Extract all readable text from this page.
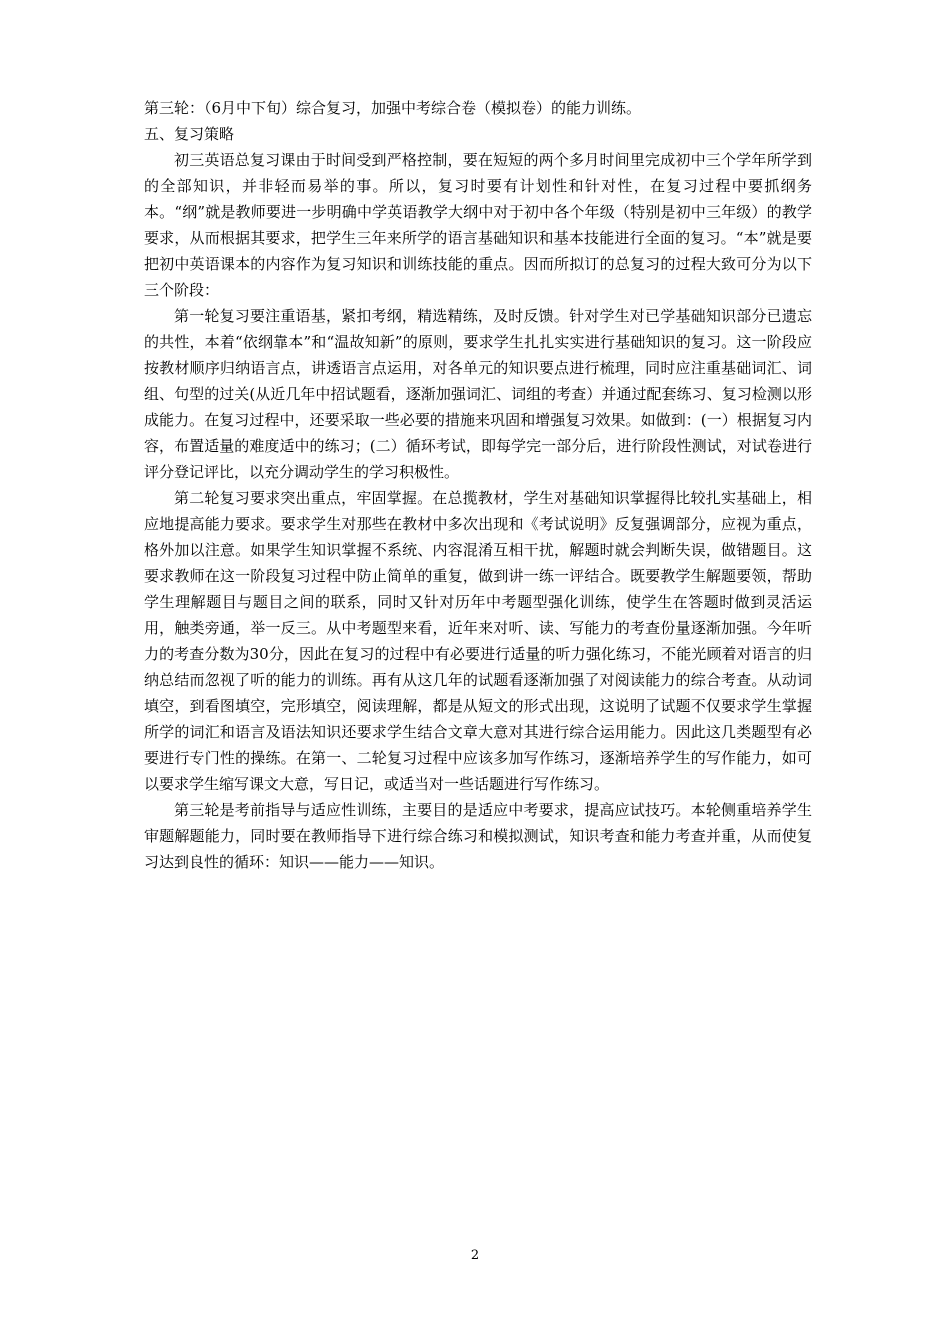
第三轮：（6月中下旬）综合复习，加强中考综合卷（模拟卷）的能力训练。

五、复习策略

初三英语总复习课由于时间受到严格控制，要在短短的两个多月时间里完成初中三个学年所学到的全部知识，并非轻而易举的事。所以，复习时要有计划性和针对性，在复习过程中要抓纲务本。“纲”就是教师要进一步明确中学英语教学大纲中对于初中各个年级（特别是初中三年级）的教学要求，从而根据其要求，把学生三年来所学的语言基础知识和基本技能进行全面的复习。“本”就是要把初中英语课本的内容作为复习知识和训练技能的重点。因而所拟订的总复习的过程大致可分为以下三个阶段：

第一轮复习要注重语基，紧扣考纲，精选精练，及时反馈。针对学生对已学基础知识部分已遗忘的共性，本着“依纲靠本”和“温故知新”的原则，要求学生扎扎实实进行基础知识的复习。这一阶段应按教材顺序归纳语言点，讲透语言点运用，对各单元的知识要点进行梳理，同时应注重基础词汇、词组、句型的过关(从近几年中招试题看，逐渐加强词汇、词组的考查）并通过配套练习、复习检测以形成能力。在复习过程中，还要采取一些必要的措施来巩固和增强复习效果。如做到：(一）根据复习内容，布置适量的难度适中的练习；(二）循环考试，即每学完一部分后，进行阶段性测试，对试卷进行评分登记评比，以充分调动学生的学习积极性。

第二轮复习要求突出重点，牢固掌握。在总揽教材，学生对基础知识掌握得比较扎实基础上，相应地提高能力要求。要求学生对那些在教材中多次出现和《考试说明》反复强调部分，应视为重点，格外加以注意。如果学生知识掌握不系统、内容混淆互相干扰，解题时就会判断失误，做错题目。这要求教师在这一阶段复习过程中防止简单的重复，做到讲一练一评结合。既要教学生解题要领，帮助学生理解题目与题目之间的联系，同时又针对历年中考题型强化训练，使学生在答题时做到灵活运用，触类旁通，举一反三。从中考题型来看，近年来对听、读、写能力的考查份量逐渐加强。今年听力的考查分数为30分，因此在复习的过程中有必要进行适量的听力强化练习，不能光顾着对语言的归纳总结而忽视了听的能力的训练。再有从这几年的试题看逐渐加强了对阅读能力的综合考查。从动词填空，到看图填空，完形填空，阅读理解，都是从短文的形式出现，这说明了试题不仅要求学生掌握所学的词汇和语言及语法知识还要求学生结合文章大意对其进行综合运用能力。因此这几类题型有必要进行专门性的操练。在第一、二轮复习过程中应该多加写作练习，逐渐培养学生的写作能力，如可以要求学生缩写课文大意，写日记，或适当对一些话题进行写作练习。

第三轮是考前指导与适应性训练，主要目的是适应中考要求，提高应试技巧。本轮侧重培养学生审题解题能力，同时要在教师指导下进行综合练习和模拟测试，知识考查和能力考查并重，从而使复习达到良性的循环：知识——能力——知识。

2
